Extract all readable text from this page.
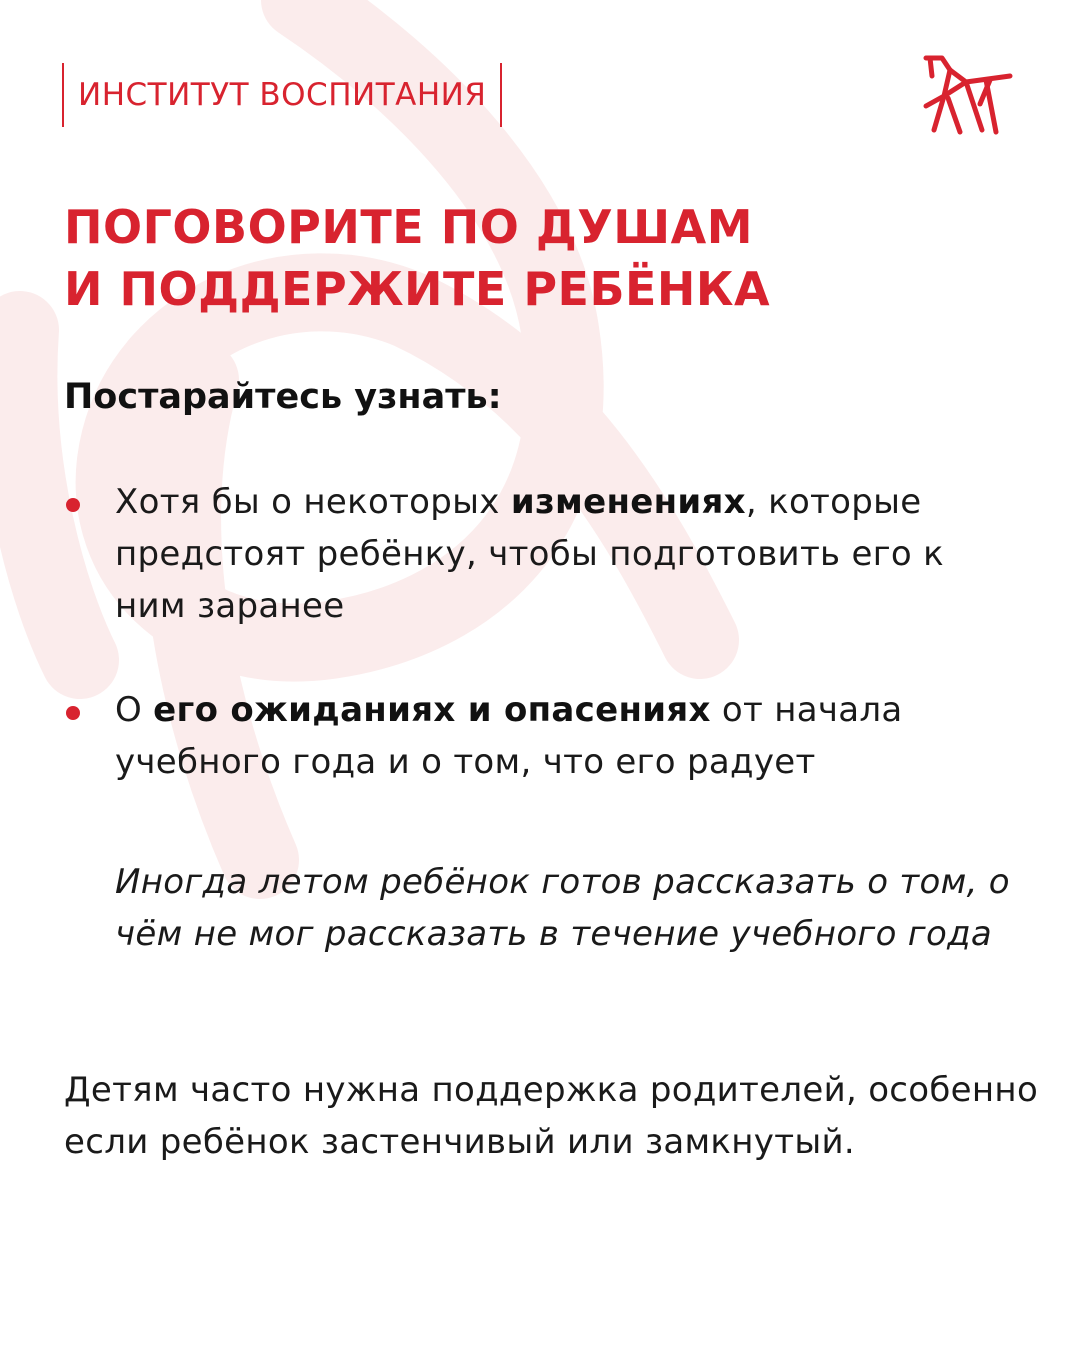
ИНСТИТУТ ВОСПИТАНИЯ
ПОГОВОРИТЕ ПО ДУШАМ
И ПОДДЕРЖИТЕ РЕБЁНКА
Постарайтесь узнать:

Хотя бы о некоторых изменениях, которые предстоят ребёнку, чтобы подготовить его к ним заранее

О его ожиданиях и опасениях от начала учебного года и о том, что его радует

Иногда летом ребёнок готов рассказать о том, о чём не мог рассказать в течение учебного года

Детям часто нужна поддержка родителей, особенно если ребёнок застенчивый или замкнутый.
